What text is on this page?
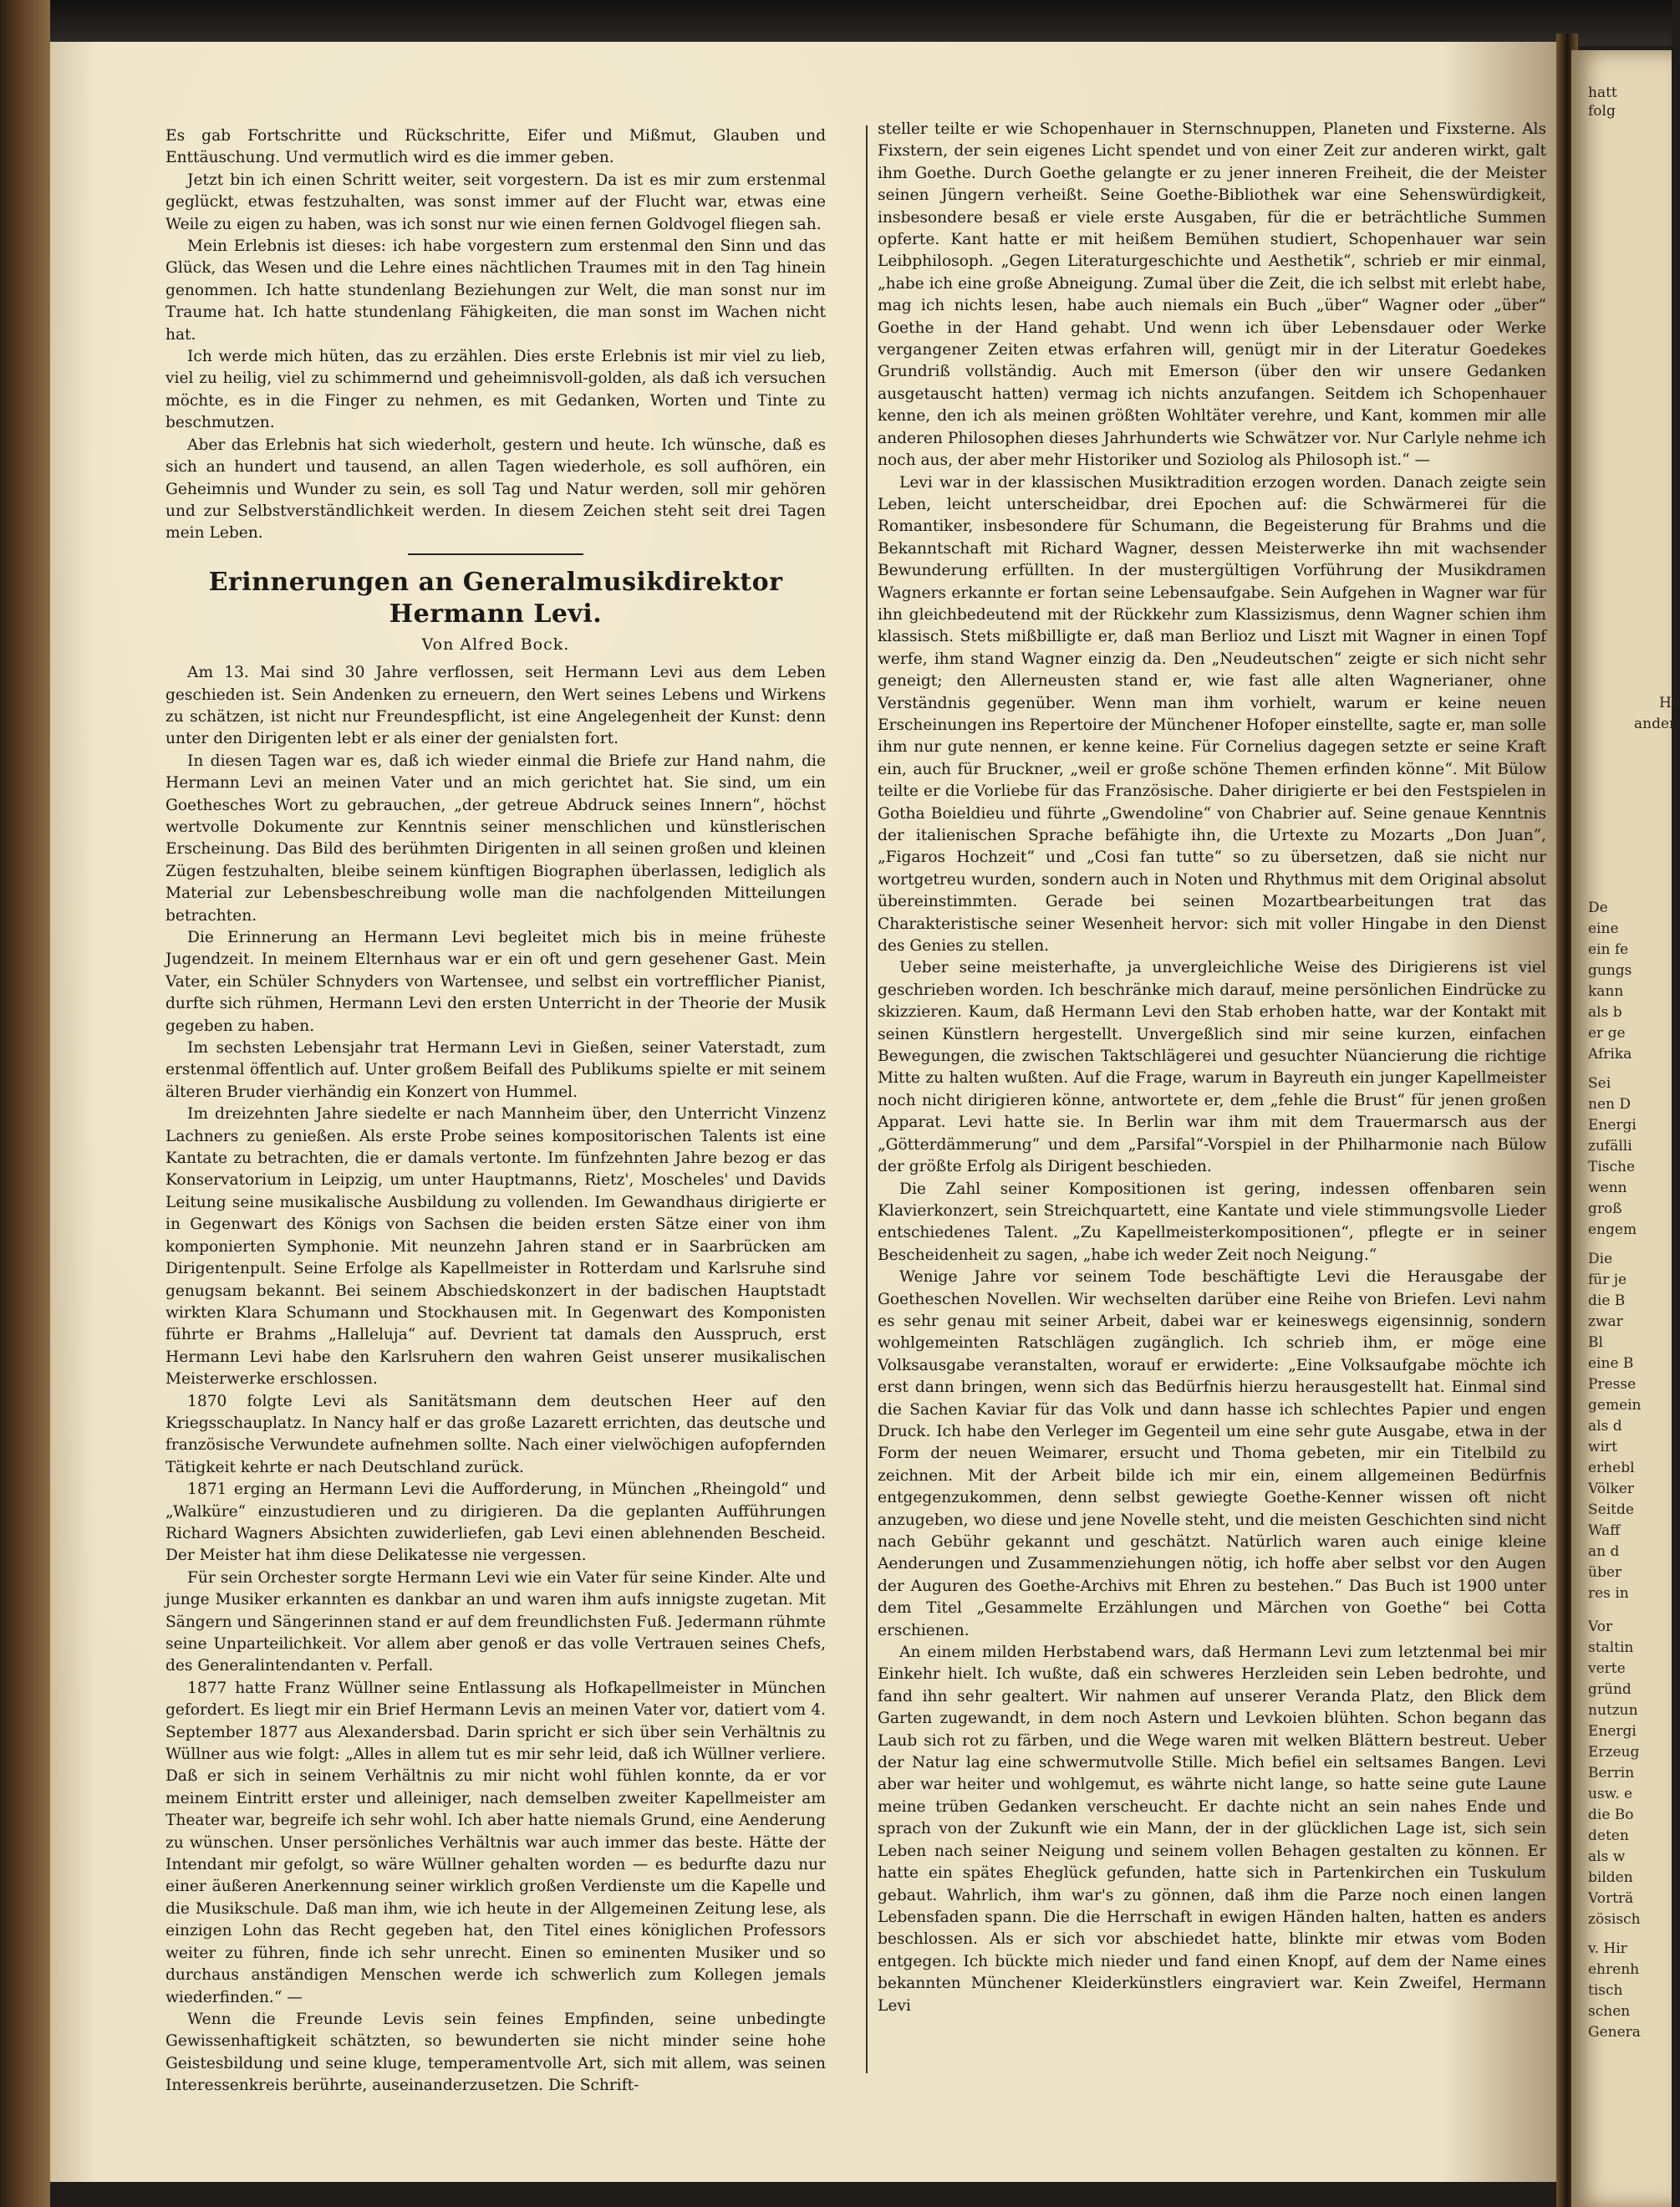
Es gab Fortschritte und Rückschritte, Eifer und Mißmut, Glauben und Enttäuschung. Und vermutlich wird es die immer geben.

Jetzt bin ich einen Schritt weiter, seit vorgestern. Da ist es mir zum erstenmal geglückt, etwas festzuhalten, was sonst immer auf der Flucht war, etwas eine Weile zu eigen zu haben, was ich sonst nur wie einen fernen Goldvogel fliegen sah.

Mein Erlebnis ist dieses: ich habe vorgestern zum erstenmal den Sinn und das Glück, das Wesen und die Lehre eines nächtlichen Traumes mit in den Tag hinein genommen. Ich hatte stundenlang Beziehungen zur Welt, die man sonst nur im Traume hat. Ich hatte stundenlang Fähigkeiten, die man sonst im Wachen nicht hat.

Ich werde mich hüten, das zu erzählen. Dies erste Erlebnis ist mir viel zu lieb, viel zu heilig, viel zu schimmernd und geheimnisvoll-golden, als daß ich versuchen möchte, es in die Finger zu nehmen, es mit Gedanken, Worten und Tinte zu beschmutzen.

Aber das Erlebnis hat sich wiederholt, gestern und heute. Ich wünsche, daß es sich an hundert und tausend, an allen Tagen wiederhole, es soll aufhören, ein Geheimnis und Wunder zu sein, es soll Tag und Natur werden, soll mir gehören und zur Selbstverständlichkeit werden. In diesem Zeichen steht seit drei Tagen mein Leben.

Erinnerungen an Generalmusikdirektor Hermann Levi.
Von Alfred Bock.

Am 13. Mai sind 30 Jahre verflossen, seit Hermann Levi aus dem Leben geschieden ist. Sein Andenken zu erneuern, den Wert seines Lebens und Wirkens zu schätzen, ist nicht nur Freundespflicht, ist eine Angelegenheit der Kunst: denn unter den Dirigenten lebt er als einer der genialsten fort.

In diesen Tagen war es, daß ich wieder einmal die Briefe zur Hand nahm, die Hermann Levi an meinen Vater und an mich gerichtet hat. Sie sind, um ein Goethesches Wort zu gebrauchen, „der getreue Abdruck seines Innern“, höchst wertvolle Dokumente zur Kenntnis seiner menschlichen und künstlerischen Erscheinung. Das Bild des berühmten Dirigenten in all seinen großen und kleinen Zügen festzuhalten, bleibe seinem künftigen Biographen überlassen, lediglich als Material zur Lebensbeschreibung wolle man die nachfolgenden Mitteilungen betrachten.

Die Erinnerung an Hermann Levi begleitet mich bis in meine früheste Jugendzeit. In meinem Elternhaus war er ein oft und gern gesehener Gast. Mein Vater, ein Schüler Schnyders von Wartensee, und selbst ein vortrefflicher Pianist, durfte sich rühmen, Hermann Levi den ersten Unterricht in der Theorie der Musik gegeben zu haben.

Im sechsten Lebensjahr trat Hermann Levi in Gießen, seiner Vaterstadt, zum erstenmal öffentlich auf. Unter großem Beifall des Publikums spielte er mit seinem älteren Bruder vierhändig ein Konzert von Hummel.

Im dreizehnten Jahre siedelte er nach Mannheim über, den Unterricht Vinzenz Lachners zu genießen. Als erste Probe seines kompositorischen Talents ist eine Kantate zu betrachten, die er damals vertonte. Im fünfzehnten Jahre bezog er das Konservatorium in Leipzig, um unter Hauptmanns, Rietz', Moscheles' und Davids Leitung seine musikalische Ausbildung zu vollenden. Im Gewandhaus dirigierte er in Gegenwart des Königs von Sachsen die beiden ersten Sätze einer von ihm komponierten Symphonie. Mit neunzehn Jahren stand er in Saarbrücken am Dirigentenpult. Seine Erfolge als Kapellmeister in Rotterdam und Karlsruhe sind genugsam bekannt. Bei seinem Abschiedskonzert in der badischen Hauptstadt wirkten Klara Schumann und Stockhausen mit. In Gegenwart des Komponisten führte er Brahms „Halleluja“ auf. Devrient tat damals den Ausspruch, erst Hermann Levi habe den Karlsruhern den wahren Geist unserer musikalischen Meisterwerke erschlossen.

1870 folgte Levi als Sanitätsmann dem deutschen Heer auf den Kriegsschauplatz. In Nancy half er das große Lazarett errichten, das deutsche und französische Verwundete aufnehmen sollte. Nach einer vielwöchigen aufopfernden Tätigkeit kehrte er nach Deutschland zurück.

1871 erging an Hermann Levi die Aufforderung, in München „Rheingold“ und „Walküre“ einzustudieren und zu dirigieren. Da die geplanten Aufführungen Richard Wagners Absichten zuwiderliefen, gab Levi einen ablehnenden Bescheid. Der Meister hat ihm diese Delikatesse nie vergessen.

Für sein Orchester sorgte Hermann Levi wie ein Vater für seine Kinder. Alte und junge Musiker erkannten es dankbar an und waren ihm aufs innigste zugetan. Mit Sängern und Sängerinnen stand er auf dem freundlichsten Fuß. Jedermann rühmte seine Unparteilichkeit. Vor allem aber genoß er das volle Vertrauen seines Chefs, des Generalintendanten v. Perfall.

1877 hatte Franz Wüllner seine Entlassung als Hofkapellmeister in München gefordert. Es liegt mir ein Brief Hermann Levis an meinen Vater vor, datiert vom 4. September 1877 aus Alexandersbad. Darin spricht er sich über sein Verhältnis zu Wüllner aus wie folgt: „Alles in allem tut es mir sehr leid, daß ich Wüllner verliere. Daß er sich in seinem Verhältnis zu mir nicht wohl fühlen konnte, da er vor meinem Eintritt erster und alleiniger, nach demselben zweiter Kapellmeister am Theater war, begreife ich sehr wohl. Ich aber hatte niemals Grund, eine Aenderung zu wünschen. Unser persönliches Verhältnis war auch immer das beste. Hätte der Intendant mir gefolgt, so wäre Wüllner gehalten worden — es bedurfte dazu nur einer äußeren Anerkennung seiner wirklich großen Verdienste um die Kapelle und die Musikschule. Daß man ihm, wie ich heute in der Allgemeinen Zeitung lese, als einzigen Lohn das Recht gegeben hat, den Titel eines königlichen Professors weiter zu führen, finde ich sehr unrecht. Einen so eminenten Musiker und so durchaus anständigen Menschen werde ich schwerlich zum Kollegen jemals wiederfinden.“ —

Wenn die Freunde Levis sein feines Empfinden, seine unbedingte Gewissenhaftigkeit schätzten, so bewunderten sie nicht minder seine hohe Geistesbildung und seine kluge, temperamentvolle Art, sich mit allem, was seinen Interessenkreis berührte, auseinanderzusetzen. Die Schrift-

steller teilte er wie Schopenhauer in Sternschnuppen, Planeten und Fixsterne. Als Fixstern, der sein eigenes Licht spendet und von einer Zeit zur anderen wirkt, galt ihm Goethe. Durch Goethe gelangte er zu jener inneren Freiheit, die der Meister seinen Jüngern verheißt. Seine Goethe-Bibliothek war eine Sehenswürdigkeit, insbesondere besaß er viele erste Ausgaben, für die er beträchtliche Summen opferte. Kant hatte er mit heißem Bemühen studiert, Schopenhauer war sein Leibphilosoph. „Gegen Literaturgeschichte und Aesthetik“, schrieb er mir einmal, „habe ich eine große Abneigung. Zumal über die Zeit, die ich selbst mit erlebt habe, mag ich nichts lesen, habe auch niemals ein Buch „über“ Wagner oder „über“ Goethe in der Hand gehabt. Und wenn ich über Lebensdauer oder Werke vergangener Zeiten etwas erfahren will, genügt mir in der Literatur Goedekes Grundriß vollständig. Auch mit Emerson (über den wir unsere Gedanken ausgetauscht hatten) vermag ich nichts anzufangen. Seitdem ich Schopenhauer kenne, den ich als meinen größten Wohltäter verehre, und Kant, kommen mir alle anderen Philosophen dieses Jahrhunderts wie Schwätzer vor. Nur Carlyle nehme ich noch aus, der aber mehr Historiker und Soziolog als Philosoph ist.“ —

Levi war in der klassischen Musiktradition erzogen worden. Danach zeigte sein Leben, leicht unterscheidbar, drei Epochen auf: die Schwärmerei für die Romantiker, insbesondere für Schumann, die Begeisterung für Brahms und die Bekanntschaft mit Richard Wagner, dessen Meisterwerke ihn mit wachsender Bewunderung erfüllten. In der mustergültigen Vorführung der Musikdramen Wagners erkannte er fortan seine Lebensaufgabe. Sein Aufgehen in Wagner war für ihn gleichbedeutend mit der Rückkehr zum Klassizismus, denn Wagner schien ihm klassisch. Stets mißbilligte er, daß man Berlioz und Liszt mit Wagner in einen Topf werfe, ihm stand Wagner einzig da. Den „Neudeutschen“ zeigte er sich nicht sehr geneigt; den Allerneusten stand er, wie fast alle alten Wagnerianer, ohne Verständnis gegenüber. Wenn man ihm vorhielt, warum er keine neuen Erscheinungen ins Repertoire der Münchener Hofoper einstellte, sagte er, man solle ihm nur gute nennen, er kenne keine. Für Cornelius dagegen setzte er seine Kraft ein, auch für Bruckner, „weil er große schöne Themen erfinden könne“. Mit Bülow teilte er die Vorliebe für das Französische. Daher dirigierte er bei den Festspielen in Gotha Boieldieu und führte „Gwendoline“ von Chabrier auf. Seine genaue Kenntnis der italienischen Sprache befähigte ihn, die Urtexte zu Mozarts „Don Juan“, „Figaros Hochzeit“ und „Cosi fan tutte“ so zu übersetzen, daß sie nicht nur wortgetreu wurden, sondern auch in Noten und Rhythmus mit dem Original absolut übereinstimmten. Gerade bei seinen Mozartbearbeitungen trat das Charakteristische seiner Wesenheit hervor: sich mit voller Hingabe in den Dienst des Genies zu stellen.

Ueber seine meisterhafte, ja unvergleichliche Weise des Dirigierens ist viel geschrieben worden. Ich beschränke mich darauf, meine persönlichen Eindrücke zu skizzieren. Kaum, daß Hermann Levi den Stab erhoben hatte, war der Kontakt mit seinen Künstlern hergestellt. Unvergeßlich sind mir seine kurzen, einfachen Bewegungen, die zwischen Taktschlägerei und gesuchter Nüancierung die richtige Mitte zu halten wußten. Auf die Frage, warum in Bayreuth ein junger Kapellmeister noch nicht dirigieren könne, antwortete er, dem „fehle die Brust“ für jenen großen Apparat. Levi hatte sie. In Berlin war ihm mit dem Trauermarsch aus der „Götterdämmerung“ und dem „Parsifal“-Vorspiel in der Philharmonie nach Bülow der größte Erfolg als Dirigent beschieden.

Die Zahl seiner Kompositionen ist gering, indessen offenbaren sein Klavierkonzert, sein Streichquartett, eine Kantate und viele stimmungsvolle Lieder entschiedenes Talent. „Zu Kapellmeisterkompositionen“, pflegte er in seiner Bescheidenheit zu sagen, „habe ich weder Zeit noch Neigung.“

Wenige Jahre vor seinem Tode beschäftigte Levi die Herausgabe der Goetheschen Novellen. Wir wechselten darüber eine Reihe von Briefen. Levi nahm es sehr genau mit seiner Arbeit, dabei war er keineswegs eigensinnig, sondern wohlgemeinten Ratschlägen zugänglich. Ich schrieb ihm, er möge eine Volksausgabe veranstalten, worauf er erwiderte: „Eine Volksaufgabe möchte ich erst dann bringen, wenn sich das Bedürfnis hierzu herausgestellt hat. Einmal sind die Sachen Kaviar für das Volk und dann hasse ich schlechtes Papier und engen Druck. Ich habe den Verleger im Gegenteil um eine sehr gute Ausgabe, etwa in der Form der neuen Weimarer, ersucht und Thoma gebeten, mir ein Titelbild zu zeichnen. Mit der Arbeit bilde ich mir ein, einem allgemeinen Bedürfnis entgegenzukommen, denn selbst gewiegte Goethe-Kenner wissen oft nicht anzugeben, wo diese und jene Novelle steht, und die meisten Geschichten sind nicht nach Gebühr gekannt und geschätzt. Natürlich waren auch einige kleine Aenderungen und Zusammenziehungen nötig, ich hoffe aber selbst vor den Augen der Auguren des Goethe-Archivs mit Ehren zu bestehen.“ Das Buch ist 1900 unter dem Titel „Gesammelte Erzählungen und Märchen von Goethe“ bei Cotta erschienen.

An einem milden Herbstabend wars, daß Hermann Levi zum letztenmal bei mir Einkehr hielt. Ich wußte, daß ein schweres Herzleiden sein Leben bedrohte, und fand ihn sehr gealtert. Wir nahmen auf unserer Veranda Platz, den Blick dem Garten zugewandt, in dem noch Astern und Levkoien blühten. Schon begann das Laub sich rot zu färben, und die Wege waren mit welken Blättern bestreut. Ueber der Natur lag eine schwermutvolle Stille. Mich befiel ein seltsames Bangen. Levi aber war heiter und wohlgemut, es währte nicht lange, so hatte seine gute Laune meine trüben Gedanken verscheucht. Er dachte nicht an sein nahes Ende und sprach von der Zukunft wie ein Mann, der in der glücklichen Lage ist, sich sein Leben nach seiner Neigung und seinem vollen Behagen gestalten zu können. Er hatte ein spätes Eheglück gefunden, hatte sich in Partenkirchen ein Tuskulum gebaut. Wahrlich, ihm war's zu gönnen, daß ihm die Parze noch einen langen Lebensfaden spann. Die die Herrschaft in ewigen Händen halten, hatten es anders beschlossen. Als er sich vor abschiedet hatte, blinkte mir etwas vom Boden entgegen. Ich bückte mich nieder und fand einen Knopf, auf dem der Name eines bekannten Münchener Kleiderkünstlers eingraviert war. Kein Zweifel, Hermann Levi

hatt
folg
He
ander
De
eine
ein fe
gungs
kann
als b
er ge
Afrika
Sei
nen D
Energi
zufälli
Tische
wenn
groß
engem
Die
für je
die B
zwar
Bl
eine B
Presse
gemein
als d
wirt
erhebl
Völker
Seitde
Waff
an d
über
res in
Vor
staltin
verte
gründ
nutzun
Energi
Erzeug
Berrin
usw. e
die Bo
deten
als w
bilden
Vorträ
zösisch
v. Hir
ehrenh
tisch
schen
Genera
